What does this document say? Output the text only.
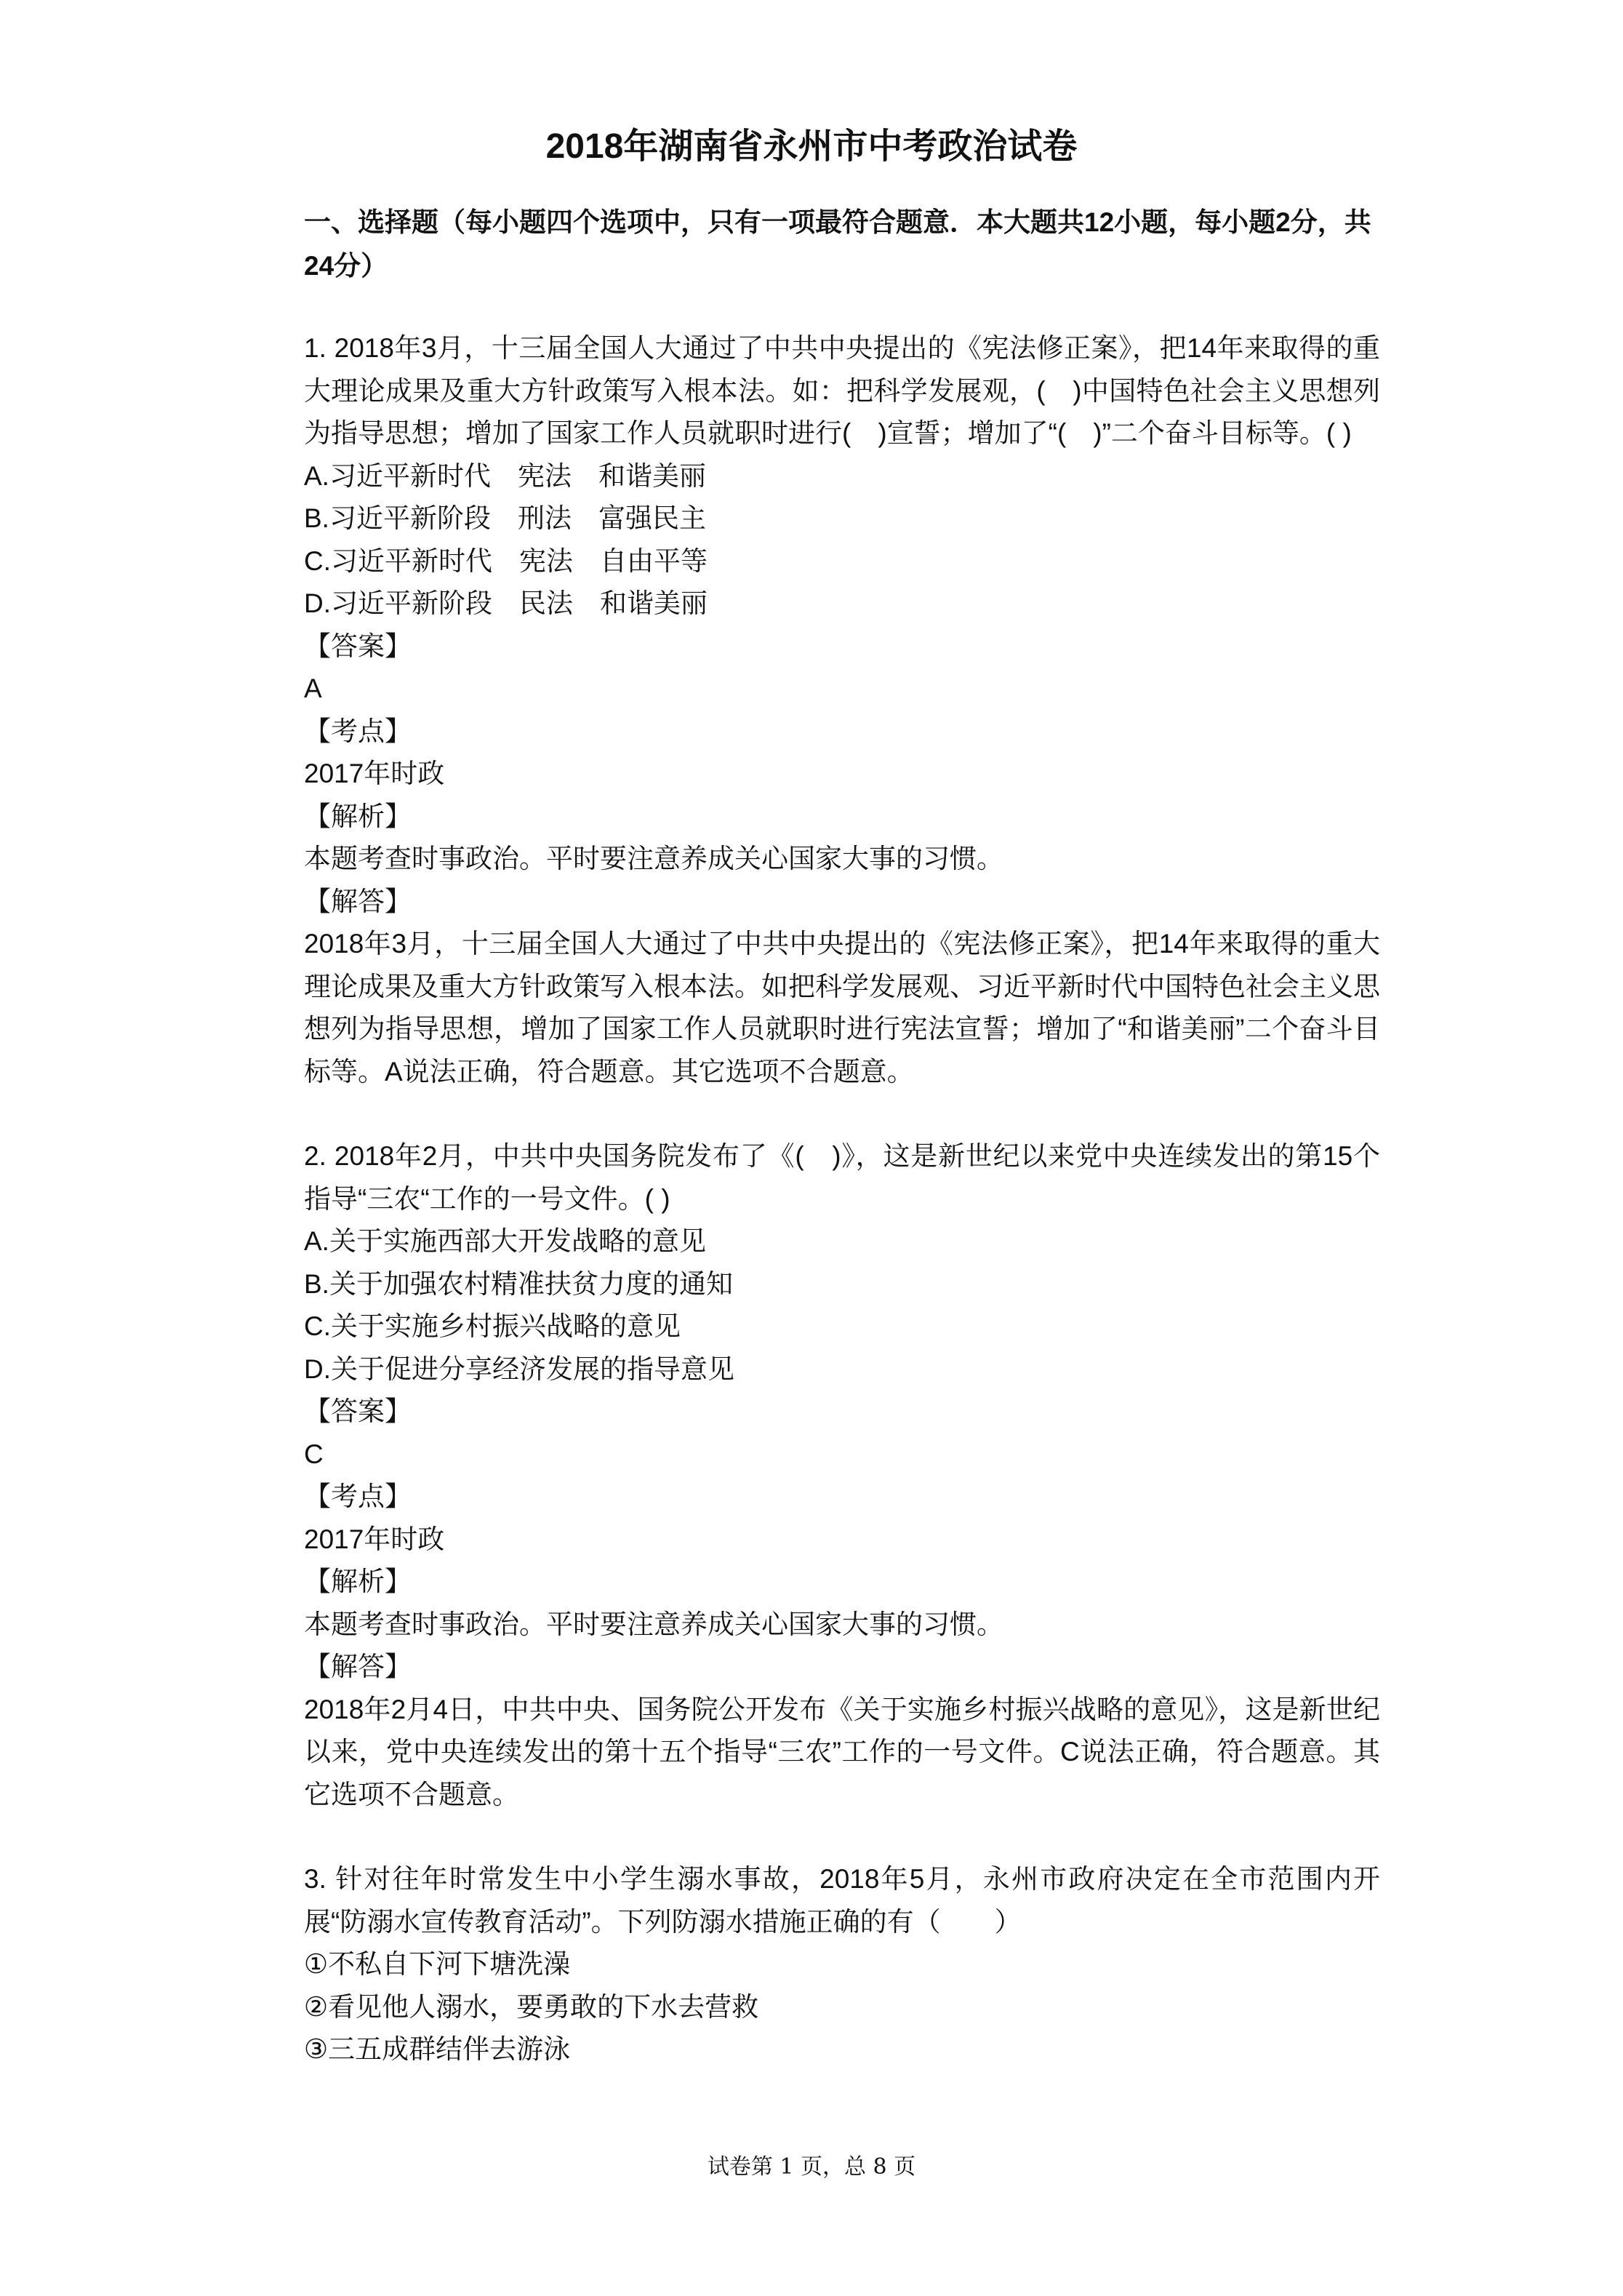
2018年湖南省永州市中考政治试卷
一、选择题（每小题四个选项中，只有一项最符合题意．本大题共12小题，每小题2分，共24分）

1. 2018年3月，十三届全国人大通过了中共中央提出的《宪法修正案》，把14年来取得的重大理论成果及重大方针政策写入根本法。如：把科学发展观，(　)中国特色社会主义思想列为指导思想；增加了国家工作人员就职时进行(　)宣誓；增加了“(　)”二个奋斗目标等。( )

A.习近平新时代　宪法　和谐美丽

B.习近平新阶段　刑法　富强民主

C.习近平新时代　宪法　自由平等

D.习近平新阶段　民法　和谐美丽

【答案】

A

【考点】

2017年时政

【解析】

本题考查时事政治。平时要注意养成关心国家大事的习惯。

【解答】

2018年3月，十三届全国人大通过了中共中央提出的《宪法修正案》，把14年来取得的重大理论成果及重大方针政策写入根本法。如把科学发展观、习近平新时代中国特色社会主义思想列为指导思想，增加了国家工作人员就职时进行宪法宣誓；增加了“和谐美丽”二个奋斗目标等。A说法正确，符合题意。其它选项不合题意。

2. 2018年2月，中共中央国务院发布了《(　)》，这是新世纪以来党中央连续发出的第15个指导“三农“工作的一号文件。( )

A.关于实施西部大开发战略的意见

B.关于加强农村精准扶贫力度的通知

C.关于实施乡村振兴战略的意见

D.关于促进分享经济发展的指导意见

【答案】

C

【考点】

2017年时政

【解析】

本题考查时事政治。平时要注意养成关心国家大事的习惯。

【解答】

2018年2月4日，中共中央、国务院公开发布《关于实施乡村振兴战略的意见》，这是新世纪以来，党中央连续发出的第十五个指导“三农”工作的一号文件。C说法正确，符合题意。其它选项不合题意。

3. 针对往年时常发生中小学生溺水事故，2018年5月，永州市政府决定在全市范围内开展“防溺水宣传教育活动”。下列防溺水措施正确的有（　　）

①不私自下河下塘洗澡

②看见他人溺水，要勇敢的下水去营救

③三五成群结伴去游泳

试卷第 1 页，总 8 页
